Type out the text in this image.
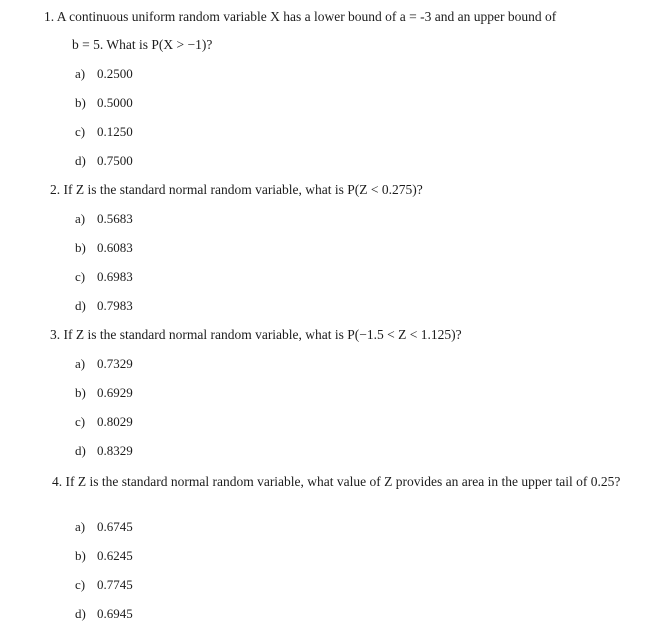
1. A continuous uniform random variable X has a lower bound of a = -3 and an upper bound of
b = 5. What is P(X > −1)?
a) 0.2500
b) 0.5000
c) 0.1250
d) 0.7500
2. If Z is the standard normal random variable, what is P(Z < 0.275)?
a) 0.5683
b) 0.6083
c) 0.6983
d) 0.7983
3. If Z is the standard normal random variable, what is P(−1.5 < Z < 1.125)?
a) 0.7329
b) 0.6929
c) 0.8029
d) 0.8329
4. If Z is the standard normal random variable, what value of Z provides an area in the upper tail of 0.25?
a) 0.6745
b) 0.6245
c) 0.7745
d) 0.6945
